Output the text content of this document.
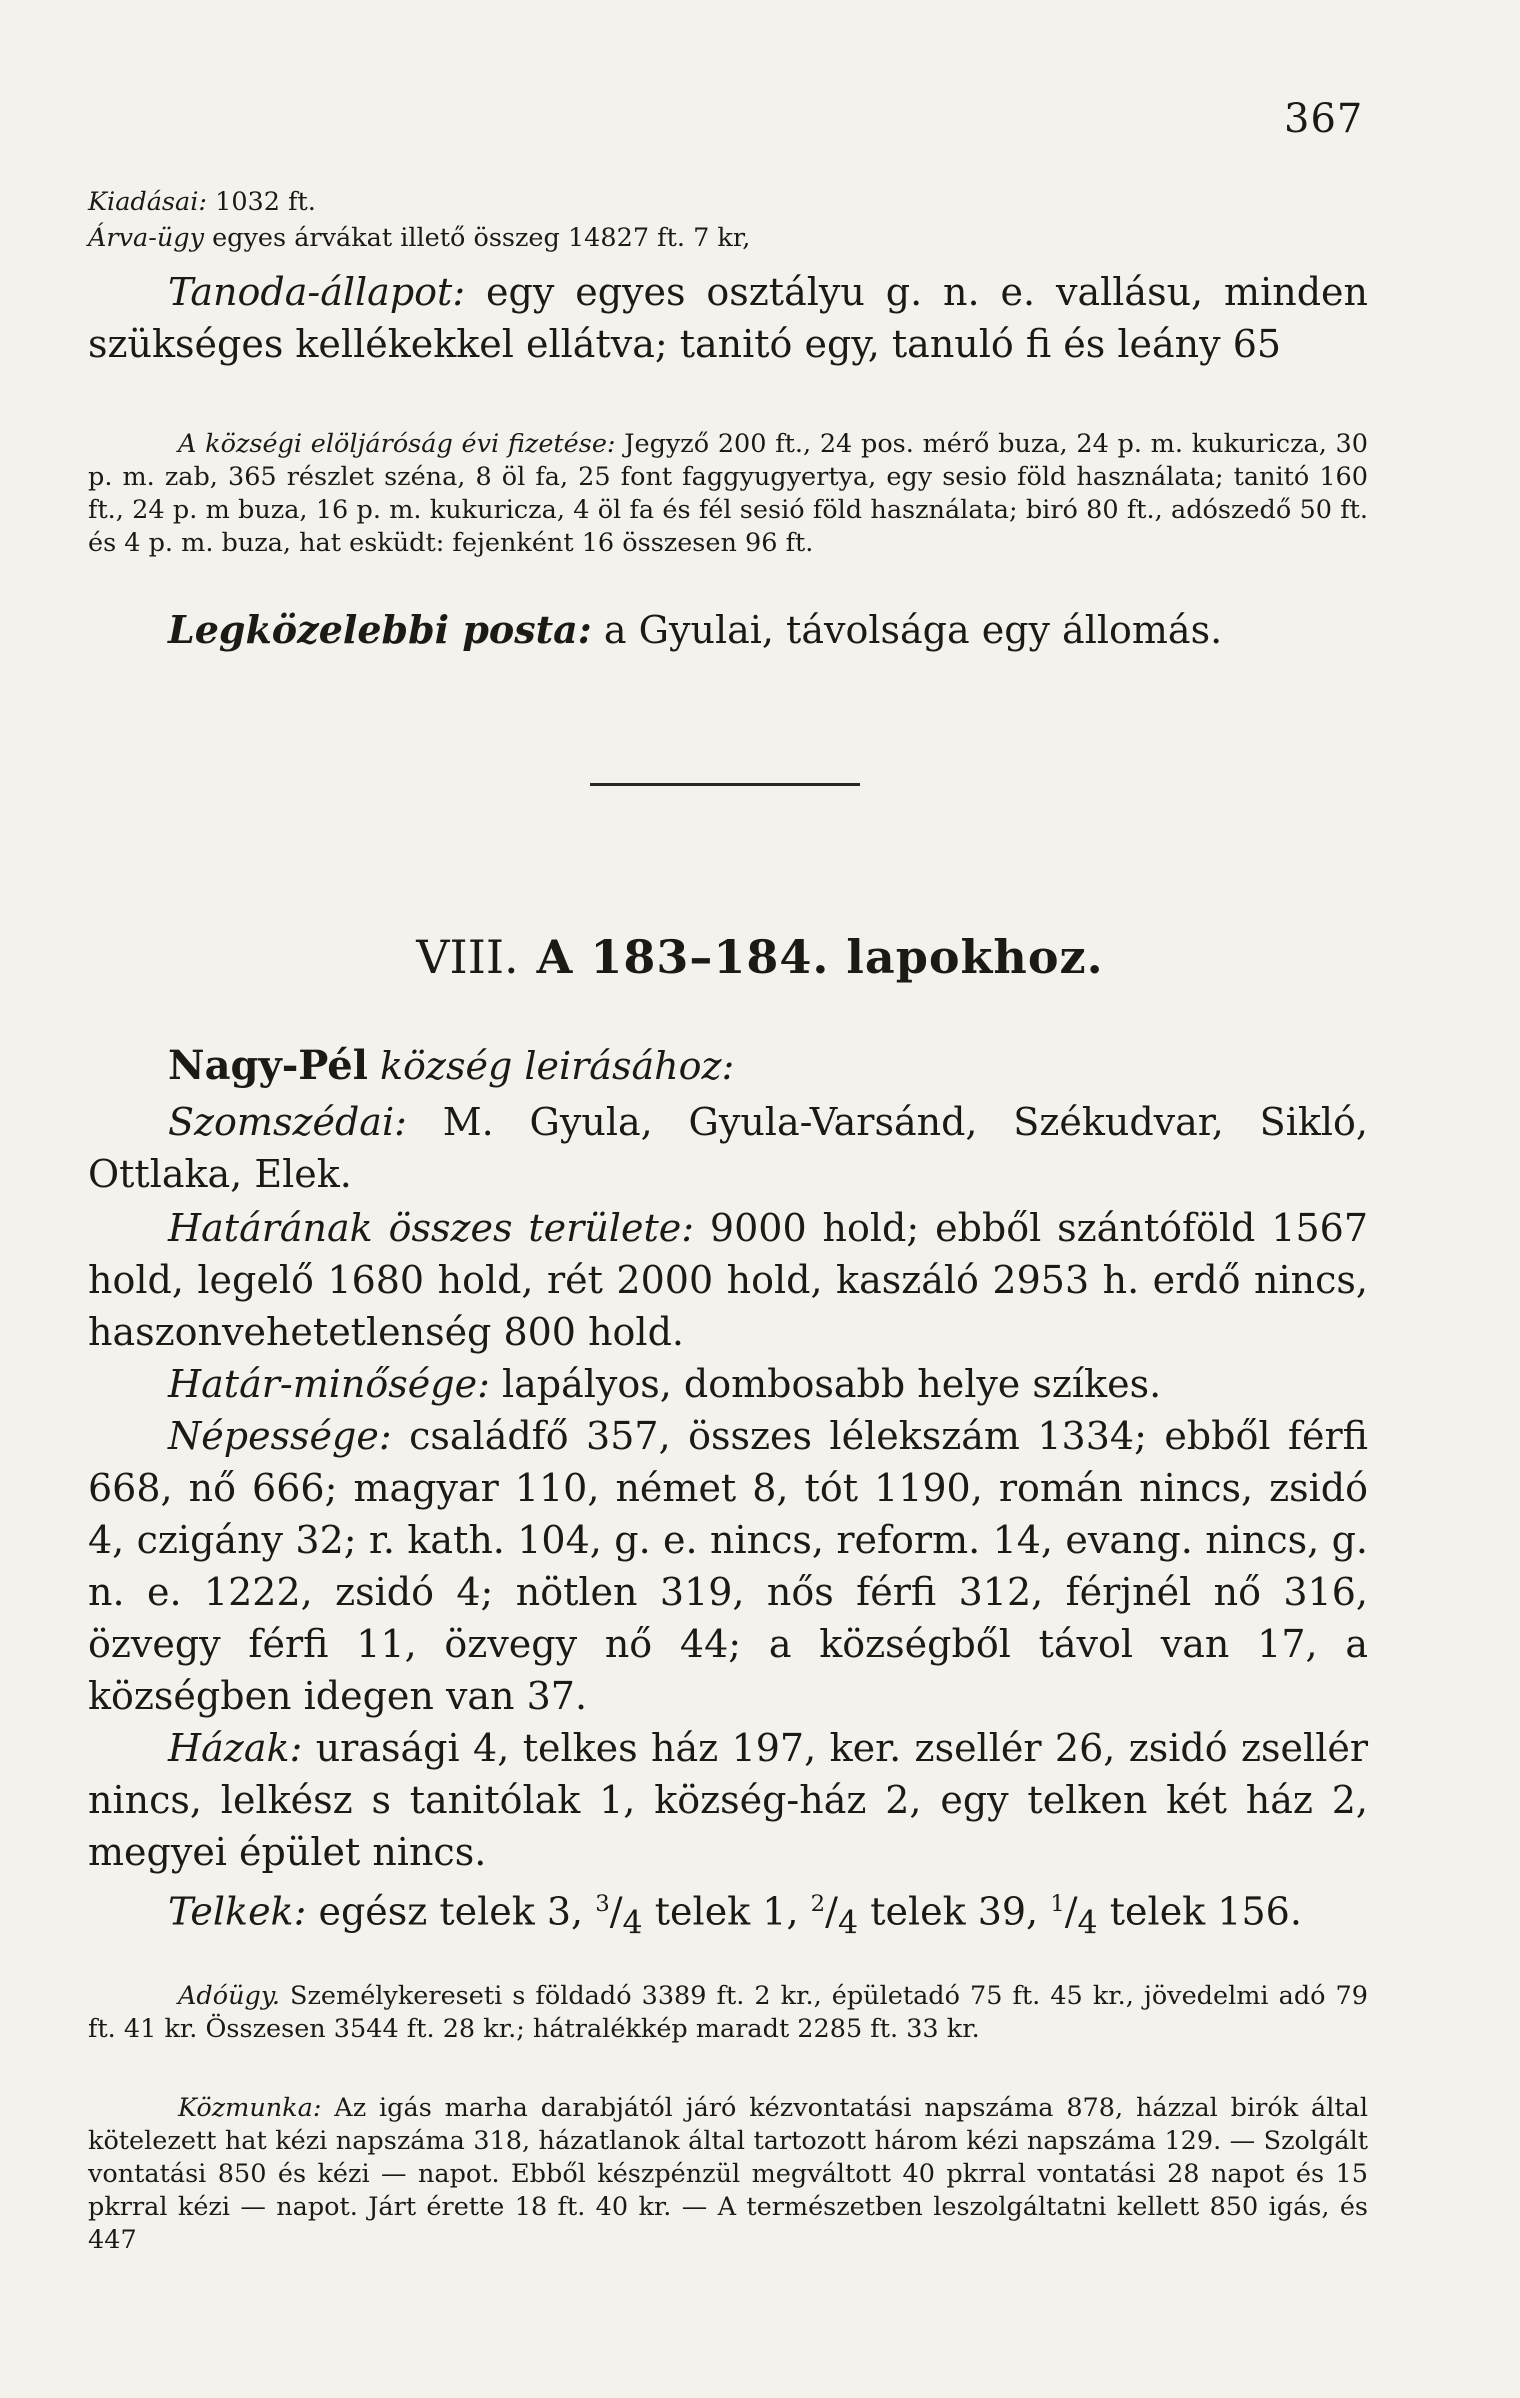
367
Kiadásai: 1032 ft.
Árva-ügy egyes árvákat illető összeg 14827 ft. 7 kr,
Tanoda-állapot: egy egyes osztályu g. n. e. vallásu, minden szükséges kellékekkel ellátva; tanitó egy, tanuló fi és leány 65
A községi elöljáróság évi fizetése: Jegyző 200 ft., 24 pos. mérő buza, 24 p. m. kukuricza, 30 p. m. zab, 365 részlet széna, 8 öl fa, 25 font faggyugyertya, egy sesio föld használata; tanitó 160 ft., 24 p. m buza, 16 p. m. kukuricza, 4 öl fa és fél sesió föld használata; biró 80 ft., adószedő 50 ft. és 4 p. m. buza, hat esküdt: fejenként 16 összesen 96 ft.
Legközelebbi posta: a Gyulai, távolsága egy állomás.
VIII. A 183–184. lapokhoz.
Nagy-Pél község leirásához:
Szomszédai: M. Gyula, Gyula-Varsánd, Székudvar, Sikló, Ottlaka, Elek.
Határának összes területe: 9000 hold; ebből szántóföld 1567 hold, legelő 1680 hold, rét 2000 hold, kaszáló 2953 h. erdő nincs, haszonvehetetlenség 800 hold.
Határ-minősége: lapályos, dombosabb helye szíkes.
Népessége: családfő 357, összes lélekszám 1334; ebből férfi 668, nő 666; magyar 110, német 8, tót 1190, román nincs, zsidó 4, czigány 32; r. kath. 104, g. e. nincs, reform. 14, evang. nincs, g. n. e. 1222, zsidó 4; nötlen 319, nős férfi 312, férjnél nő 316, özvegy férfi 11, özvegy nő 44; a községből távol van 17, a községben idegen van 37.
Házak: urasági 4, telkes ház 197, ker. zsellér 26, zsidó zsellér nincs, lelkész s tanitólak 1, község-ház 2, egy telken két ház 2, megyei épület nincs.
Telkek: egész telek 3, $^3/_4$ telek 1, $^2/_4$ telek 39, $^1/_4$ telek 156.
Adóügy. Személykereseti s földadó 3389 ft. 2 kr., épületadó 75 ft. 45 kr., jövedelmi adó 79 ft. 41 kr. Összesen 3544 ft. 28 kr.; hátralékkép maradt 2285 ft. 33 kr.
Közmunka: Az igás marha darabjától járó kézvontatási napszáma 878, házzal birók által kötelezett hat kézi napszáma 318, házatlanok által tartozott három kézi napszáma 129. — Szolgált vontatási 850 és kézi — napot. Ebből készpénzül megváltott 40 pkrral vontatási 28 napot és 15 pkrral kézi — napot. Járt érette 18 ft. 40 kr. — A természetben leszolgáltatni kellett 850 igás, és 447
